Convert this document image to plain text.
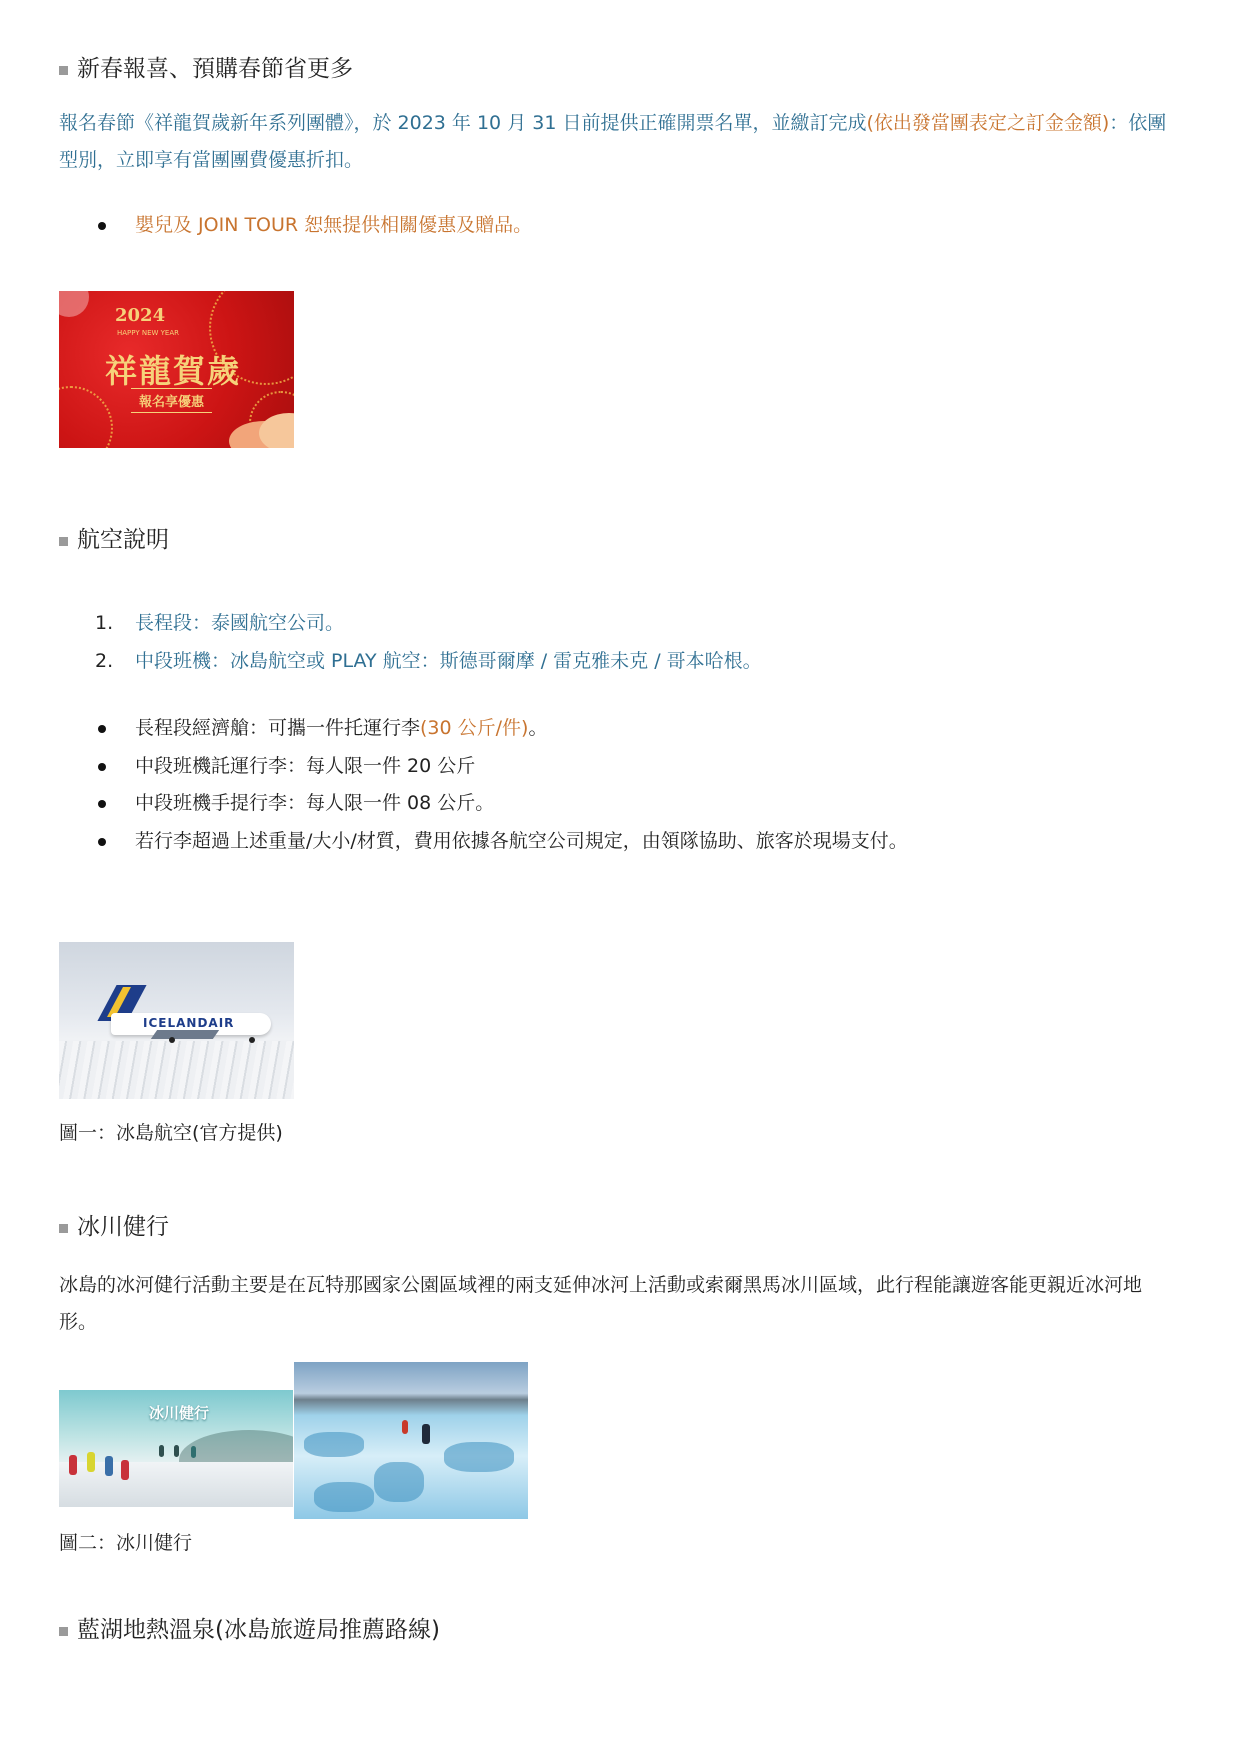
新春報喜、預購春節省更多
報名春節《祥龍賀歲新年系列團體》，於 2023 年 10 月 31 日前提供正確開票名單，並繳訂完成(依出發當團表定之訂金金額)：依團型別，立即享有當團團費優惠折扣。
嬰兒及 JOIN TOUR 恕無提供相關優惠及贈品。
2024
HAPPY NEW YEAR
祥龍賀歲
報名享優惠
航空說明
1. 長程段：泰國航空公司。
2. 中段班機：冰島航空或 PLAY 航空：斯德哥爾摩 / 雷克雅未克 / 哥本哈根。
長程段經濟艙：可攜一件托運行李(30 公斤/件)。
中段班機託運行李：每人限一件 20 公斤
中段班機手提行李：每人限一件 08 公斤。
若行李超過上述重量/大小/材質，費用依據各航空公司規定，由領隊協助、旅客於現場支付。
ICELANDAIR
圖一：冰島航空(官方提供)
冰川健行
冰島的冰河健行活動主要是在瓦特那國家公園區域裡的兩支延伸冰河上活動或索爾黑馬冰川區域，此行程能讓遊客能更親近冰河地形。
冰川健行
圖二：冰川健行
藍湖地熱溫泉(冰島旅遊局推薦路線)
